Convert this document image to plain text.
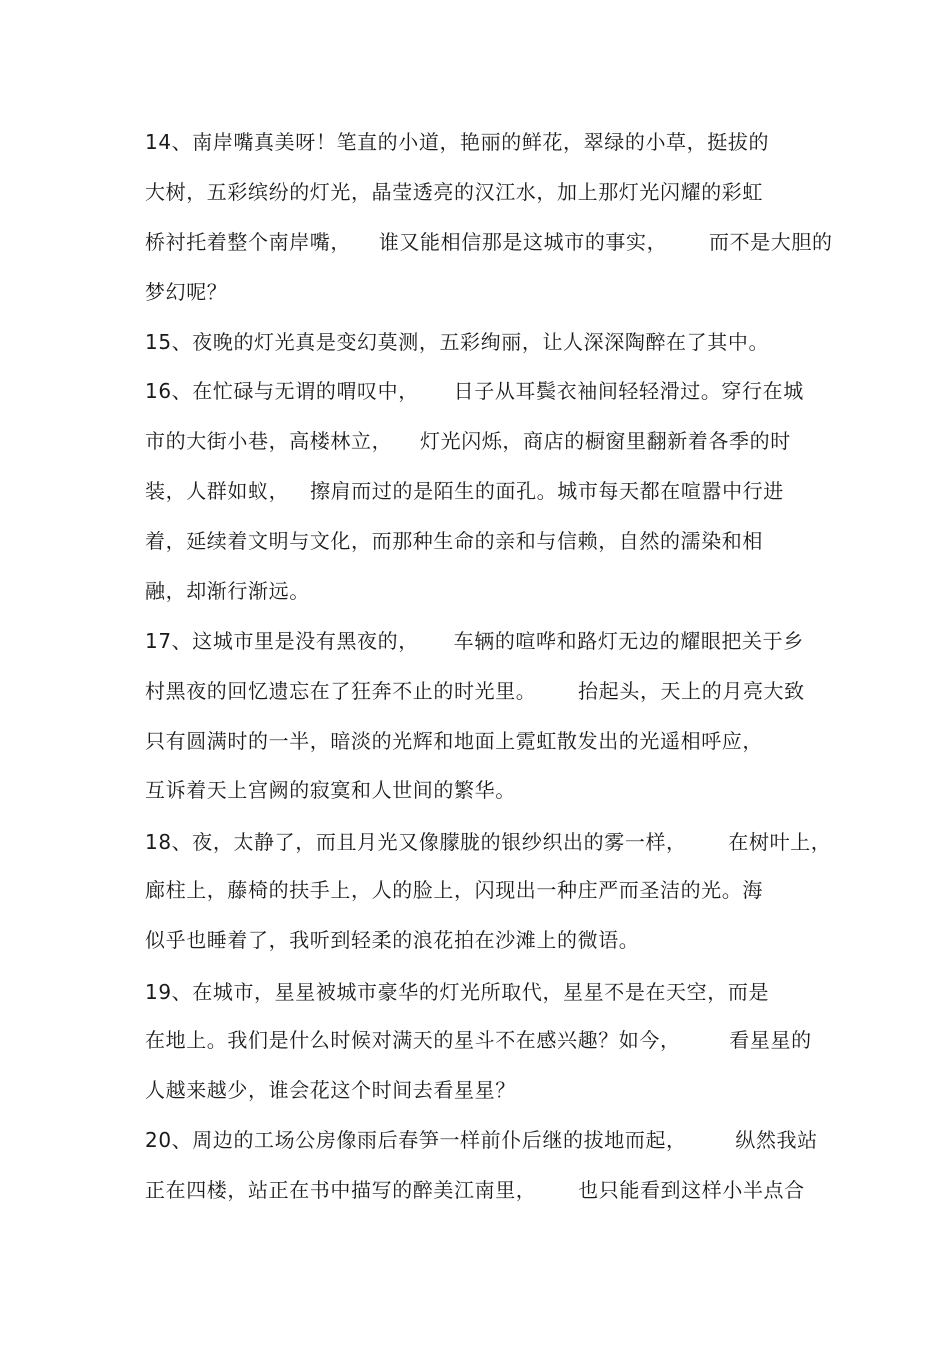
14、南岸嘴真美呀！笔直的小道，艳丽的鲜花，翠绿的小草，挺拔的

大树，五彩缤纷的灯光，晶莹透亮的汉江水，加上那灯光闪耀的彩虹

桥衬托着整个南岸嘴，    谁又能相信那是这城市的事实，      而不是大胆的

梦幻呢？

15、夜晚的灯光真是变幻莫测，五彩绚丽，让人深深陶醉在了其中。

16、在忙碌与无谓的喟叹中，     日子从耳鬓衣袖间轻轻滑过。穿行在城

市的大街小巷，高楼林立，    灯光闪烁，商店的橱窗里翻新着各季的时

装，人群如蚁，   擦肩而过的是陌生的面孔。城市每天都在喧嚣中行进

着，延续着文明与文化，而那种生命的亲和与信赖，自然的濡染和相

融，却渐行渐远。

17、这城市里是没有黑夜的，     车辆的喧哗和路灯无边的耀眼把关于乡

村黑夜的回忆遗忘在了狂奔不止的时光里。      抬起头，天上的月亮大致

只有圆满时的一半，暗淡的光辉和地面上霓虹散发出的光遥相呼应，

互诉着天上宫阙的寂寞和人世间的繁华。

18、夜，太静了，而且月光又像朦胧的银纱织出的雾一样，      在树叶上，

廊柱上，藤椅的扶手上，人的脸上，闪现出一种庄严而圣洁的光。海

似乎也睡着了，我听到轻柔的浪花拍在沙滩上的微语。

19、在城市，星星被城市豪华的灯光所取代，星星不是在天空，而是

在地上。我们是什么时候对满天的星斗不在感兴趣？如今，       看星星的

人越来越少，谁会花这个时间去看星星？

20、周边的工场公房像雨后春笋一样前仆后继的拔地而起，       纵然我站

正在四楼，站正在书中描写的醉美江南里，      也只能看到这样小半点合
